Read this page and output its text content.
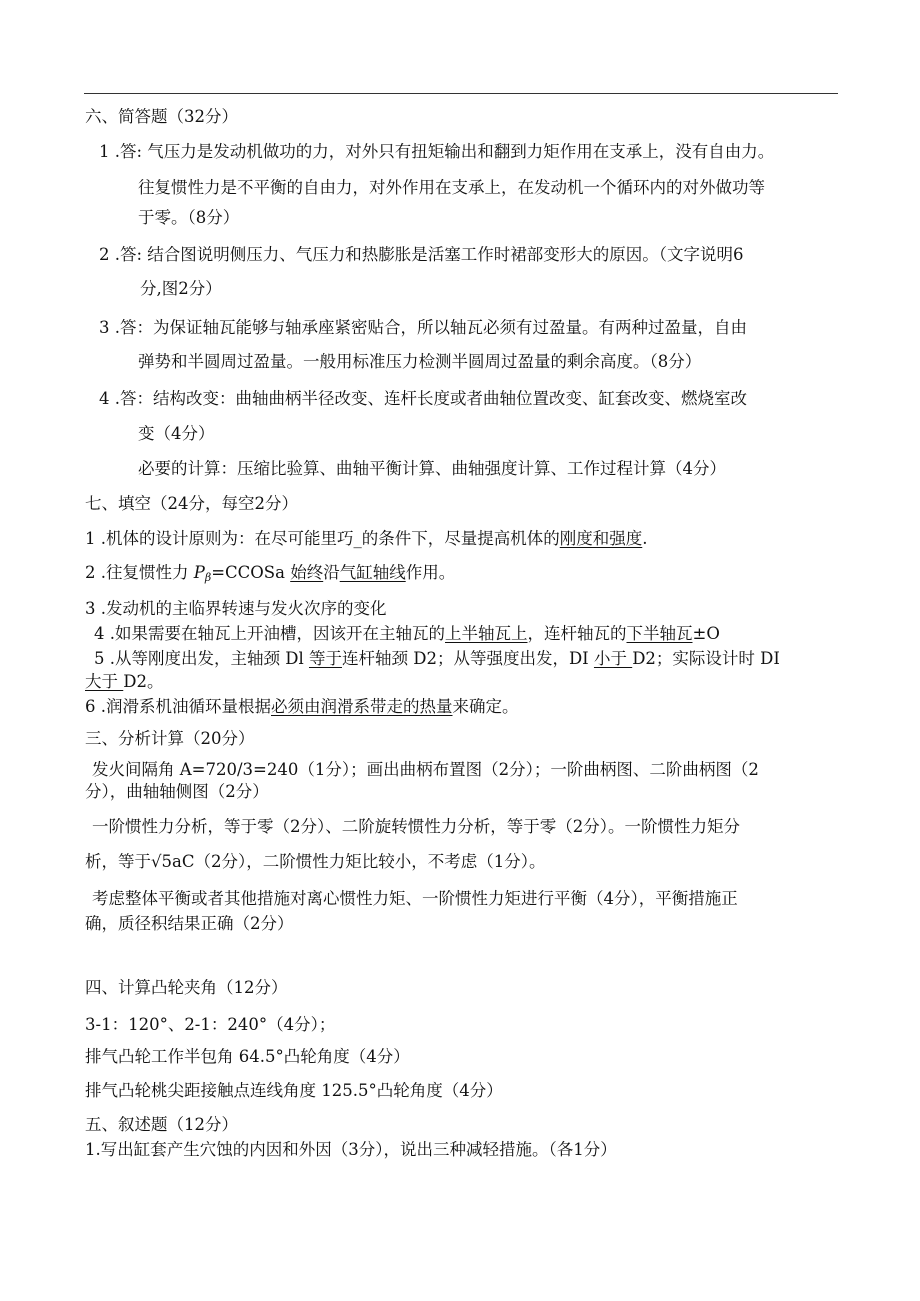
六、简答题（32分）
1 .答: 气压力是发动机做功的力，对外只有扭矩输出和翻到力矩作用在支承上，没有自由力。
往复惯性力是不平衡的自由力，对外作用在支承上，在发动机一个循环内的对外做功等
于零。（8分）
2 .答: 结合图说明侧压力、气压力和热膨胀是活塞工作时裙部变形大的原因。（文字说明6
分,图2分）
3 .答：为保证轴瓦能够与轴承座紧密贴合，所以轴瓦必须有过盈量。有两种过盈量，自由
弹势和半圆周过盈量。一般用标准压力检测半圆周过盈量的剩余高度。（8分）
4 .答：结构改变：曲轴曲柄半径改变、连杆长度或者曲轴位置改变、缸套改变、燃烧室改
变（4分）
必要的计算：压缩比验算、曲轴平衡计算、曲轴强度计算、工作过程计算（4分）
七、填空（24分，每空2分）
1 .机体的设计原则为：在尽可能里巧_的条件下，尽量提高机体的刚度和强度.
2 .往复惯性力 $P_\beta=CCOSa$ 始终沿气缸轴线作用。
3 .发动机的主临界转速与发火次序的变化
4 .如果需要在轴瓦上开油槽，因该开在主轴瓦的上半轴瓦上，连杆轴瓦的下半轴瓦±O
5 .从等刚度出发，主轴颈 Dl 等于连杆轴颈 D2；从等强度出发，DI 小于 D2；实际设计时 DI
大于 D2。
6 .润滑系机油循环量根据必须由润滑系带走的热量来确定。
三、分析计算（20分）
发火间隔角 A=720/3=240（1分）；画出曲柄布置图（2分）；一阶曲柄图、二阶曲柄图（2
分），曲轴轴侧图（2分）
一阶惯性力分析，等于零（2分）、二阶旋转惯性力分析，等于零（2分）。一阶惯性力矩分
析，等于√5aC（2分），二阶惯性力矩比较小，不考虑（1分）。
考虑整体平衡或者其他措施对离心惯性力矩、一阶惯性力矩进行平衡（4分），平衡措施正
确，质径积结果正确（2分）
四、计算凸轮夹角（12分）
3-1：120°、2-1：240°（4分）；
排气凸轮工作半包角 64.5°凸轮角度（4分）
排气凸轮桃尖距接触点连线角度 125.5°凸轮角度（4分）
五、叙述题（12分）
1.写出缸套产生穴蚀的内因和外因（3分），说出三种减轻措施。（各1分）
